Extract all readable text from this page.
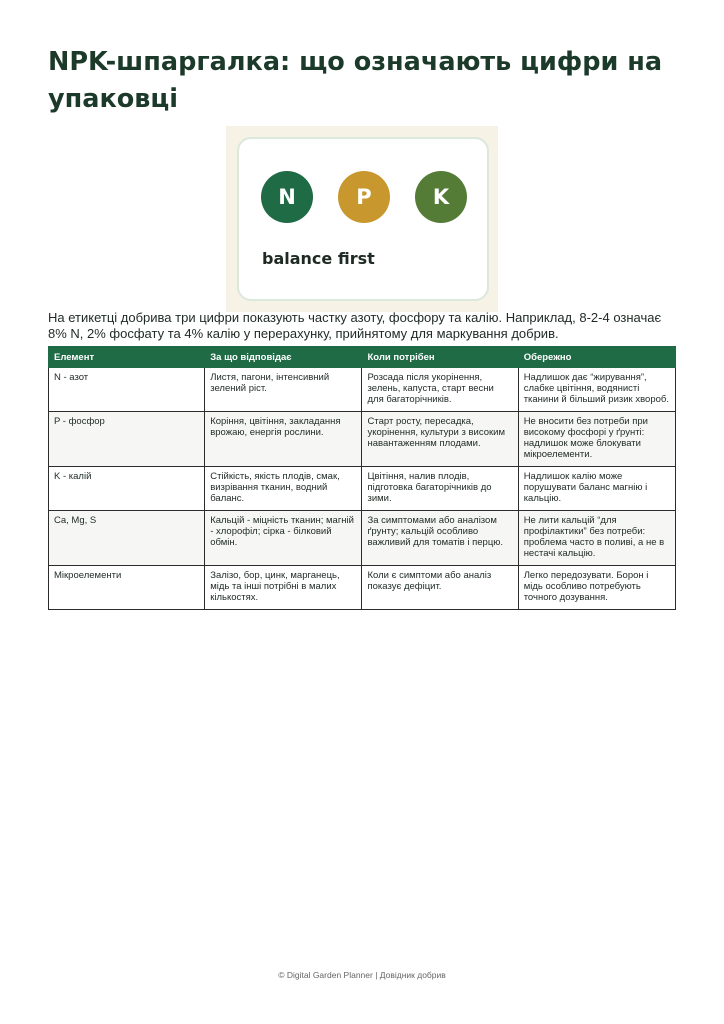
NPK-шпаргалка: що означають цифри на упаковці
N	P	K
balance first

На етикетці добрива три цифри показують частку азоту, фосфору та калію. Наприклад, 8-2-4 означає 8% N, 2% фосфату та 4% калію у перерахунку, прийнятому для маркування добрив.

Елемент	За що відповідає	Коли потрібен	Обережно
N - азот	Листя, пагони, інтенсивний зелений ріст.	Розсада після укорінення, зелень, капуста, старт весни для багаторічників.	Надлишок дає “жирування”, слабке цвітіння, водянисті тканини й більший ризик хвороб.
P - фосфор	Коріння, цвітіння, закладання врожаю, енергія рослини.	Старт росту, пересадка, укорінення, культури з високим навантаженням плодами.	Не вносити без потреби при високому фосфорі у ґрунті: надлишок може блокувати мікроелементи.
K - калій	Стійкість, якість плодів, смак, визрівання тканин, водний баланс.	Цвітіння, налив плодів, підготовка багаторічників до зими.	Надлишок калію може порушувати баланс магнію і кальцію.
Ca, Mg, S	Кальцій - міцність тканин; магній - хлорофіл; сірка - білковий обмін.	За симптомами або аналізом ґрунту; кальцій особливо важливий для томатів і перцю.	Не лити кальцій “для профілактики” без потреби: проблема часто в поливі, а не в нестачі кальцію.
Мікроелементи	Залізо, бор, цинк, марганець, мідь та інші потрібні в малих кількостях.	Коли є симптоми або аналіз показує дефіцит.	Легко передозувати. Борон і мідь особливо потребують точного дозування.
© Digital Garden Planner | Довідник добрив
